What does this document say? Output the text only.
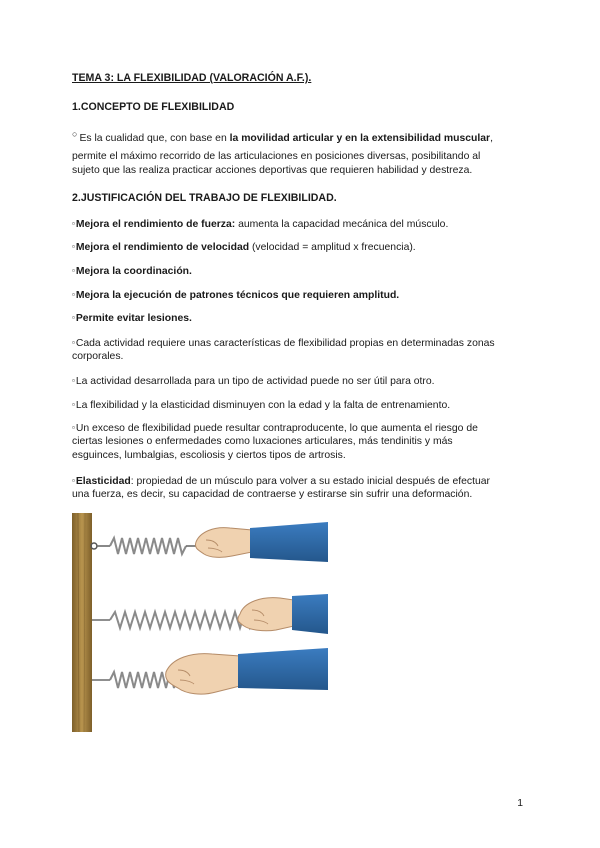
TEMA 3: LA FLEXIBILIDAD (VALORACIÓN A.F.).

1.CONCEPTO DE FLEXIBILIDAD

○ Es la cualidad que, con base en la movilidad articular y en la extensibilidad muscular,

permite el máximo recorrido de las articulaciones en posiciones diversas, posibilitando al

sujeto que las realiza practicar acciones deportivas que requieren habilidad y destreza.

2.JUSTIFICACIÓN DEL TRABAJO DE FLEXIBILIDAD.

▫Mejora el rendimiento de fuerza: aumenta la capacidad mecánica del músculo.

▫Mejora el rendimiento de velocidad (velocidad = amplitud x frecuencia).

▫Mejora la coordinación.

▫Mejora la ejecución de patrones técnicos que requieren amplitud.

▫Permite evitar lesiones.

▫Cada actividad requiere unas características de flexibilidad propias en determinadas zonas

corporales.

▫La actividad desarrollada para un tipo de actividad puede no ser útil para otro.

▫La flexibilidad y la elasticidad disminuyen con la edad y la falta de entrenamiento.

▫Un exceso de flexibilidad puede resultar contraproducente, lo que aumenta el riesgo de

ciertas lesiones o enfermedades como luxaciones articulares, más tendinitis y más

esguinces, lumbalgias, escoliosis y ciertos tipos de artrosis.

▫Elasticidad: propiedad de un músculo para volver a su estado inicial después de efectuar

una fuerza, es decir, su capacidad de contraerse y estirarse sin sufrir una deformación.

1
